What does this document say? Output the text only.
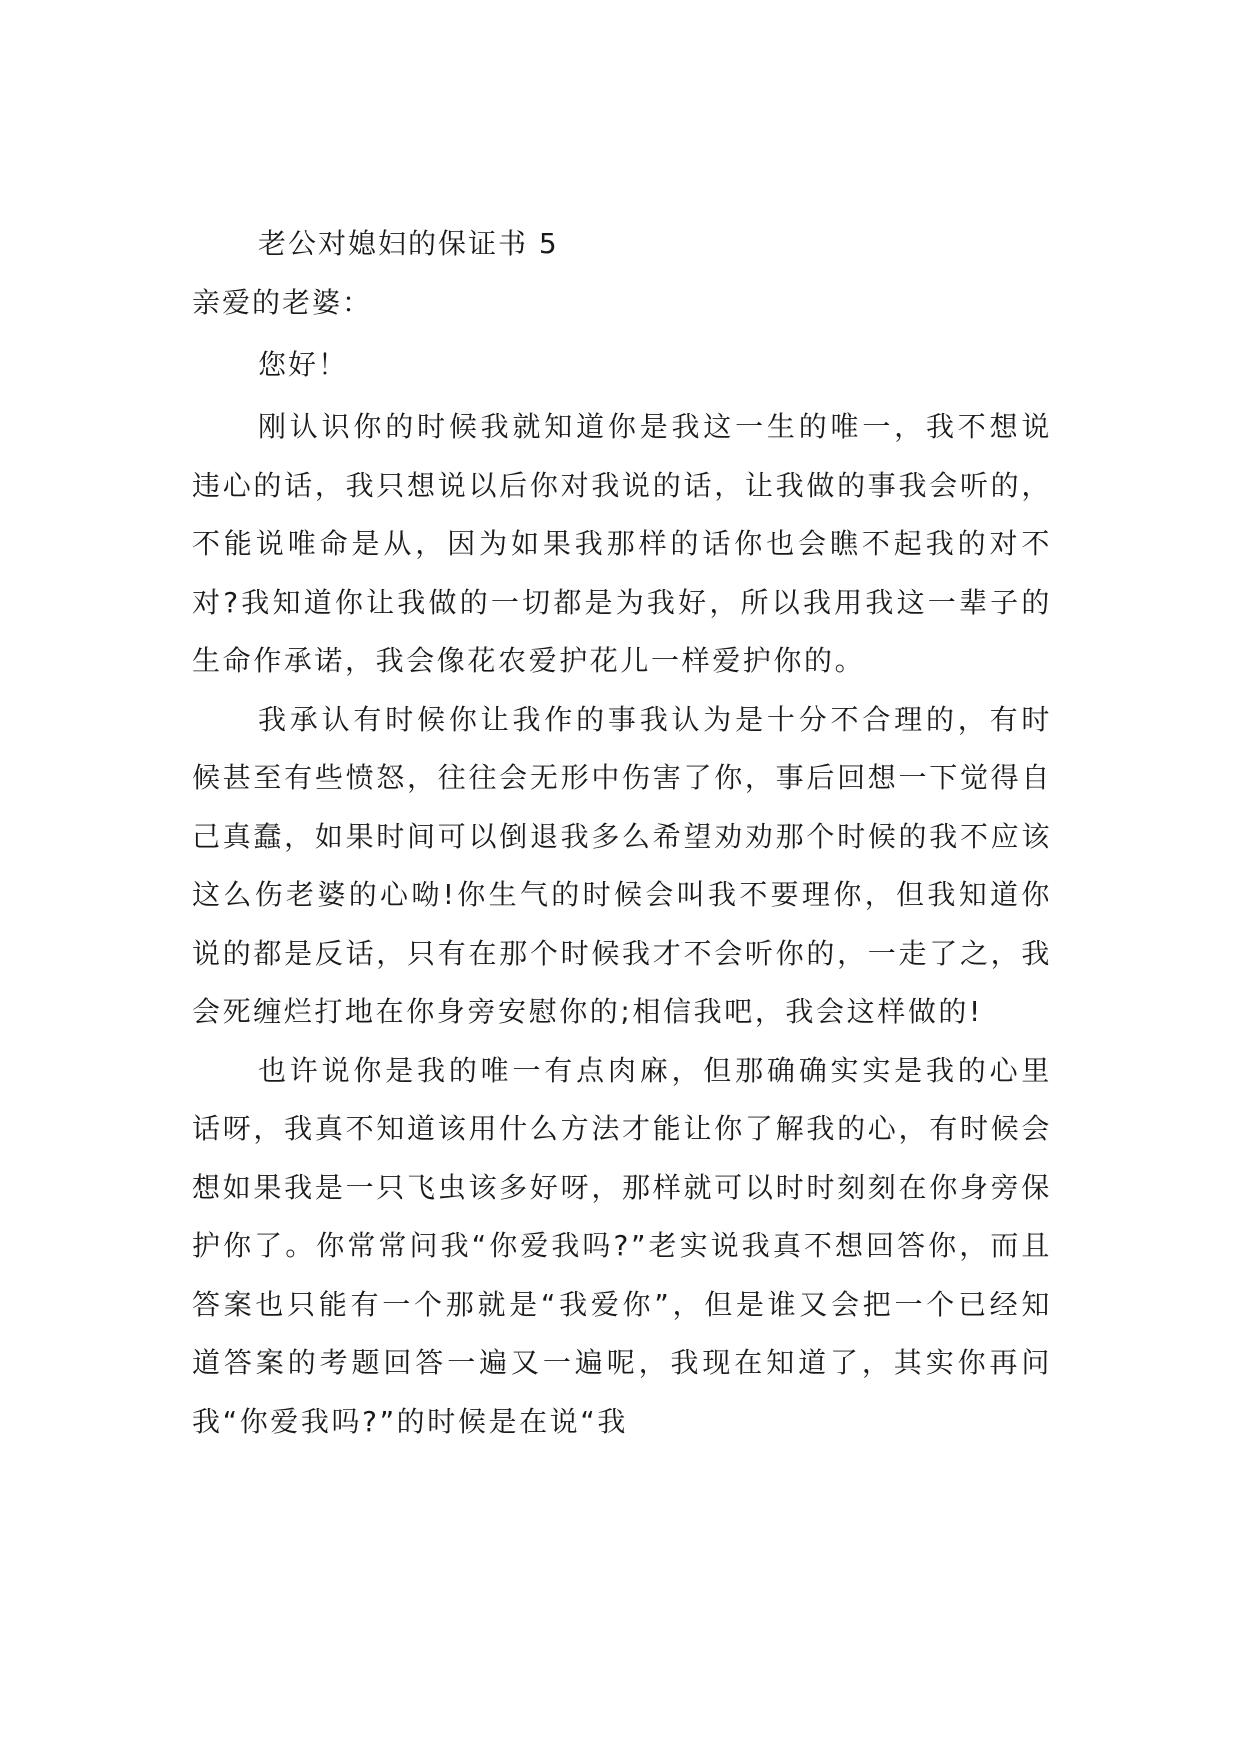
老公对媳妇的保证书 5
亲爱的老婆：
您好！

刚认识你的时候我就知道你是我这一生的唯一，我不想说违心的话，我只想说以后你对我说的话，让我做的事我会听的，不能说唯命是从，因为如果我那样的话你也会瞧不起我的对不对?我知道你让我做的一切都是为我好，所以我用我这一辈子的生命作承诺，我会像花农爱护花儿一样爱护你的。

我承认有时候你让我作的事我认为是十分不合理的，有时候甚至有些愤怒，往往会无形中伤害了你，事后回想一下觉得自己真蠢，如果时间可以倒退我多么希望劝劝那个时候的我不应该这么伤老婆的心呦!你生气的时候会叫我不要理你，但我知道你说的都是反话，只有在那个时候我才不会听你的，一走了之，我会死缠烂打地在你身旁安慰你的;相信我吧，我会这样做的!

也许说你是我的唯一有点肉麻，但那确确实实是我的心里话呀，我真不知道该用什么方法才能让你了解我的心，有时候会想如果我是一只飞虫该多好呀，那样就可以时时刻刻在你身旁保护你了。你常常问我“你爱我吗?”老实说我真不想回答你，而且答案也只能有一个那就是“我爱你”，但是谁又会把一个已经知道答案的考题回答一遍又一遍呢，我现在知道了，其实你再问我“你爱我吗?”的时候是在说“我
